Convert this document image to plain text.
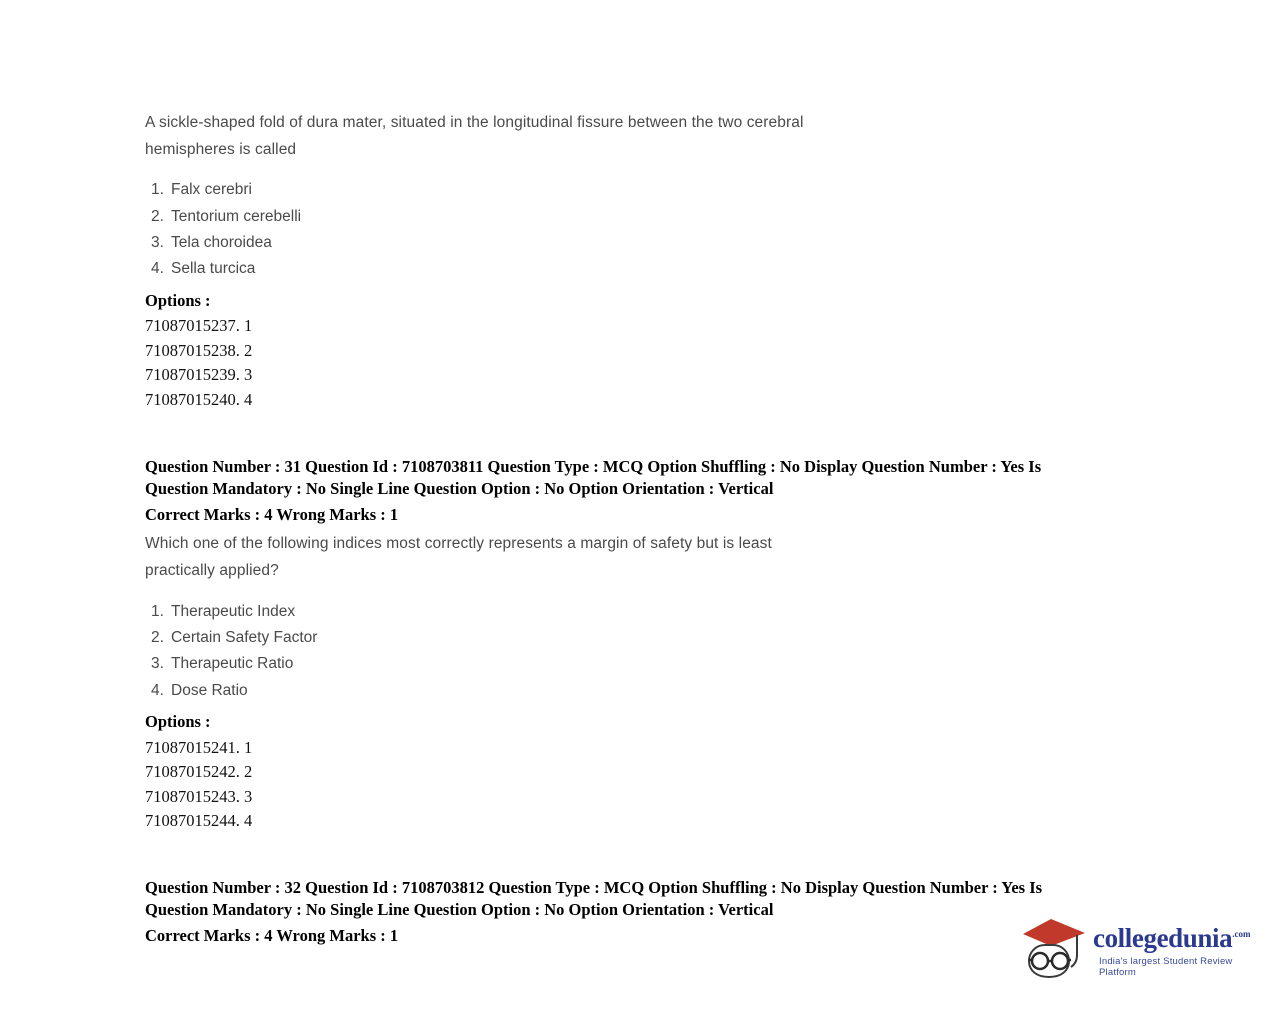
A sickle-shaped fold of dura mater, situated in the longitudinal fissure between the two cerebral hemispheres is called

1. Falx cerebri
2. Tentorium cerebelli
3. Tela choroidea
4. Sella turcica
Options :
71087015237. 1
71087015238. 2
71087015239. 3
71087015240. 4
Question Number : 31 Question Id : 7108703811 Question Type : MCQ Option Shuffling : No Display Question Number : Yes Is Question Mandatory : No Single Line Question Option : No Option Orientation : Vertical
Correct Marks : 4 Wrong Marks : 1

Which one of the following indices most correctly represents a margin of safety but is least practically applied?

1. Therapeutic Index
2. Certain Safety Factor
3. Therapeutic Ratio
4. Dose Ratio
Options :
71087015241. 1
71087015242. 2
71087015243. 3
71087015244. 4
Question Number : 32 Question Id : 7108703812 Question Type : MCQ Option Shuffling : No Display Question Number : Yes Is Question Mandatory : No Single Line Question Option : No Option Orientation : Vertical
Correct Marks : 4 Wrong Marks : 1	collegedunia$^{.com}$
India's largest Student Review Platform
